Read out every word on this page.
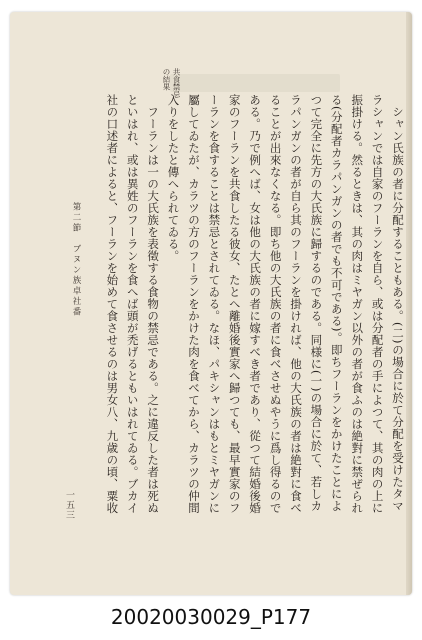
共食禁忌
の結果

シャン氏族の者に分配することもある。(二)の場合に於て分配を受けたタマラシャンでは自家のフーランを自ら、或は分配者の手によつて、其の肉の上に振掛ける。然るときは、其の肉はミヤガン以外の者が食ふのは絶對に禁ぜられる(分配者カラパンガンの者でも不可である)。即ちフーランをかけたことによつて完全に先方の大氏族に歸するのである。同様に(一)の場合に於て、若しカラパンガンの者が自ら其のフーランを掛ければ、他の大氏族の者は絶對に食べることが出來なくなる。即ち他の大氏族の者に食べさせぬやうに爲し得るのである。乃で例へば、女は他の大氏族の者に嫁すべき者であり、從つて結婚後婚家のフーランを共食したる彼女、たとへ離婚後實家へ歸つても、最早實家のフーランを食することは禁忌とされてゐる。なほ、パキシャンはもとミヤガンに屬してゐたが、カラツの方のフーランをかけた肉を食べてから、カラツの仲間入りをしたと傳へられてゐる。

フーランは一の大氏族を表徵する食物の禁忌である。之に違反した者は死ぬといはれ、或は異姓のフーランを食へば頭が禿げるともいはれてゐる。ブカイ社の口述者によると、フーランを始めて食させるのは男女八、九歳の頃、粟收

第二節　ブヌン族卓社番
一五三
20020030029_P177
